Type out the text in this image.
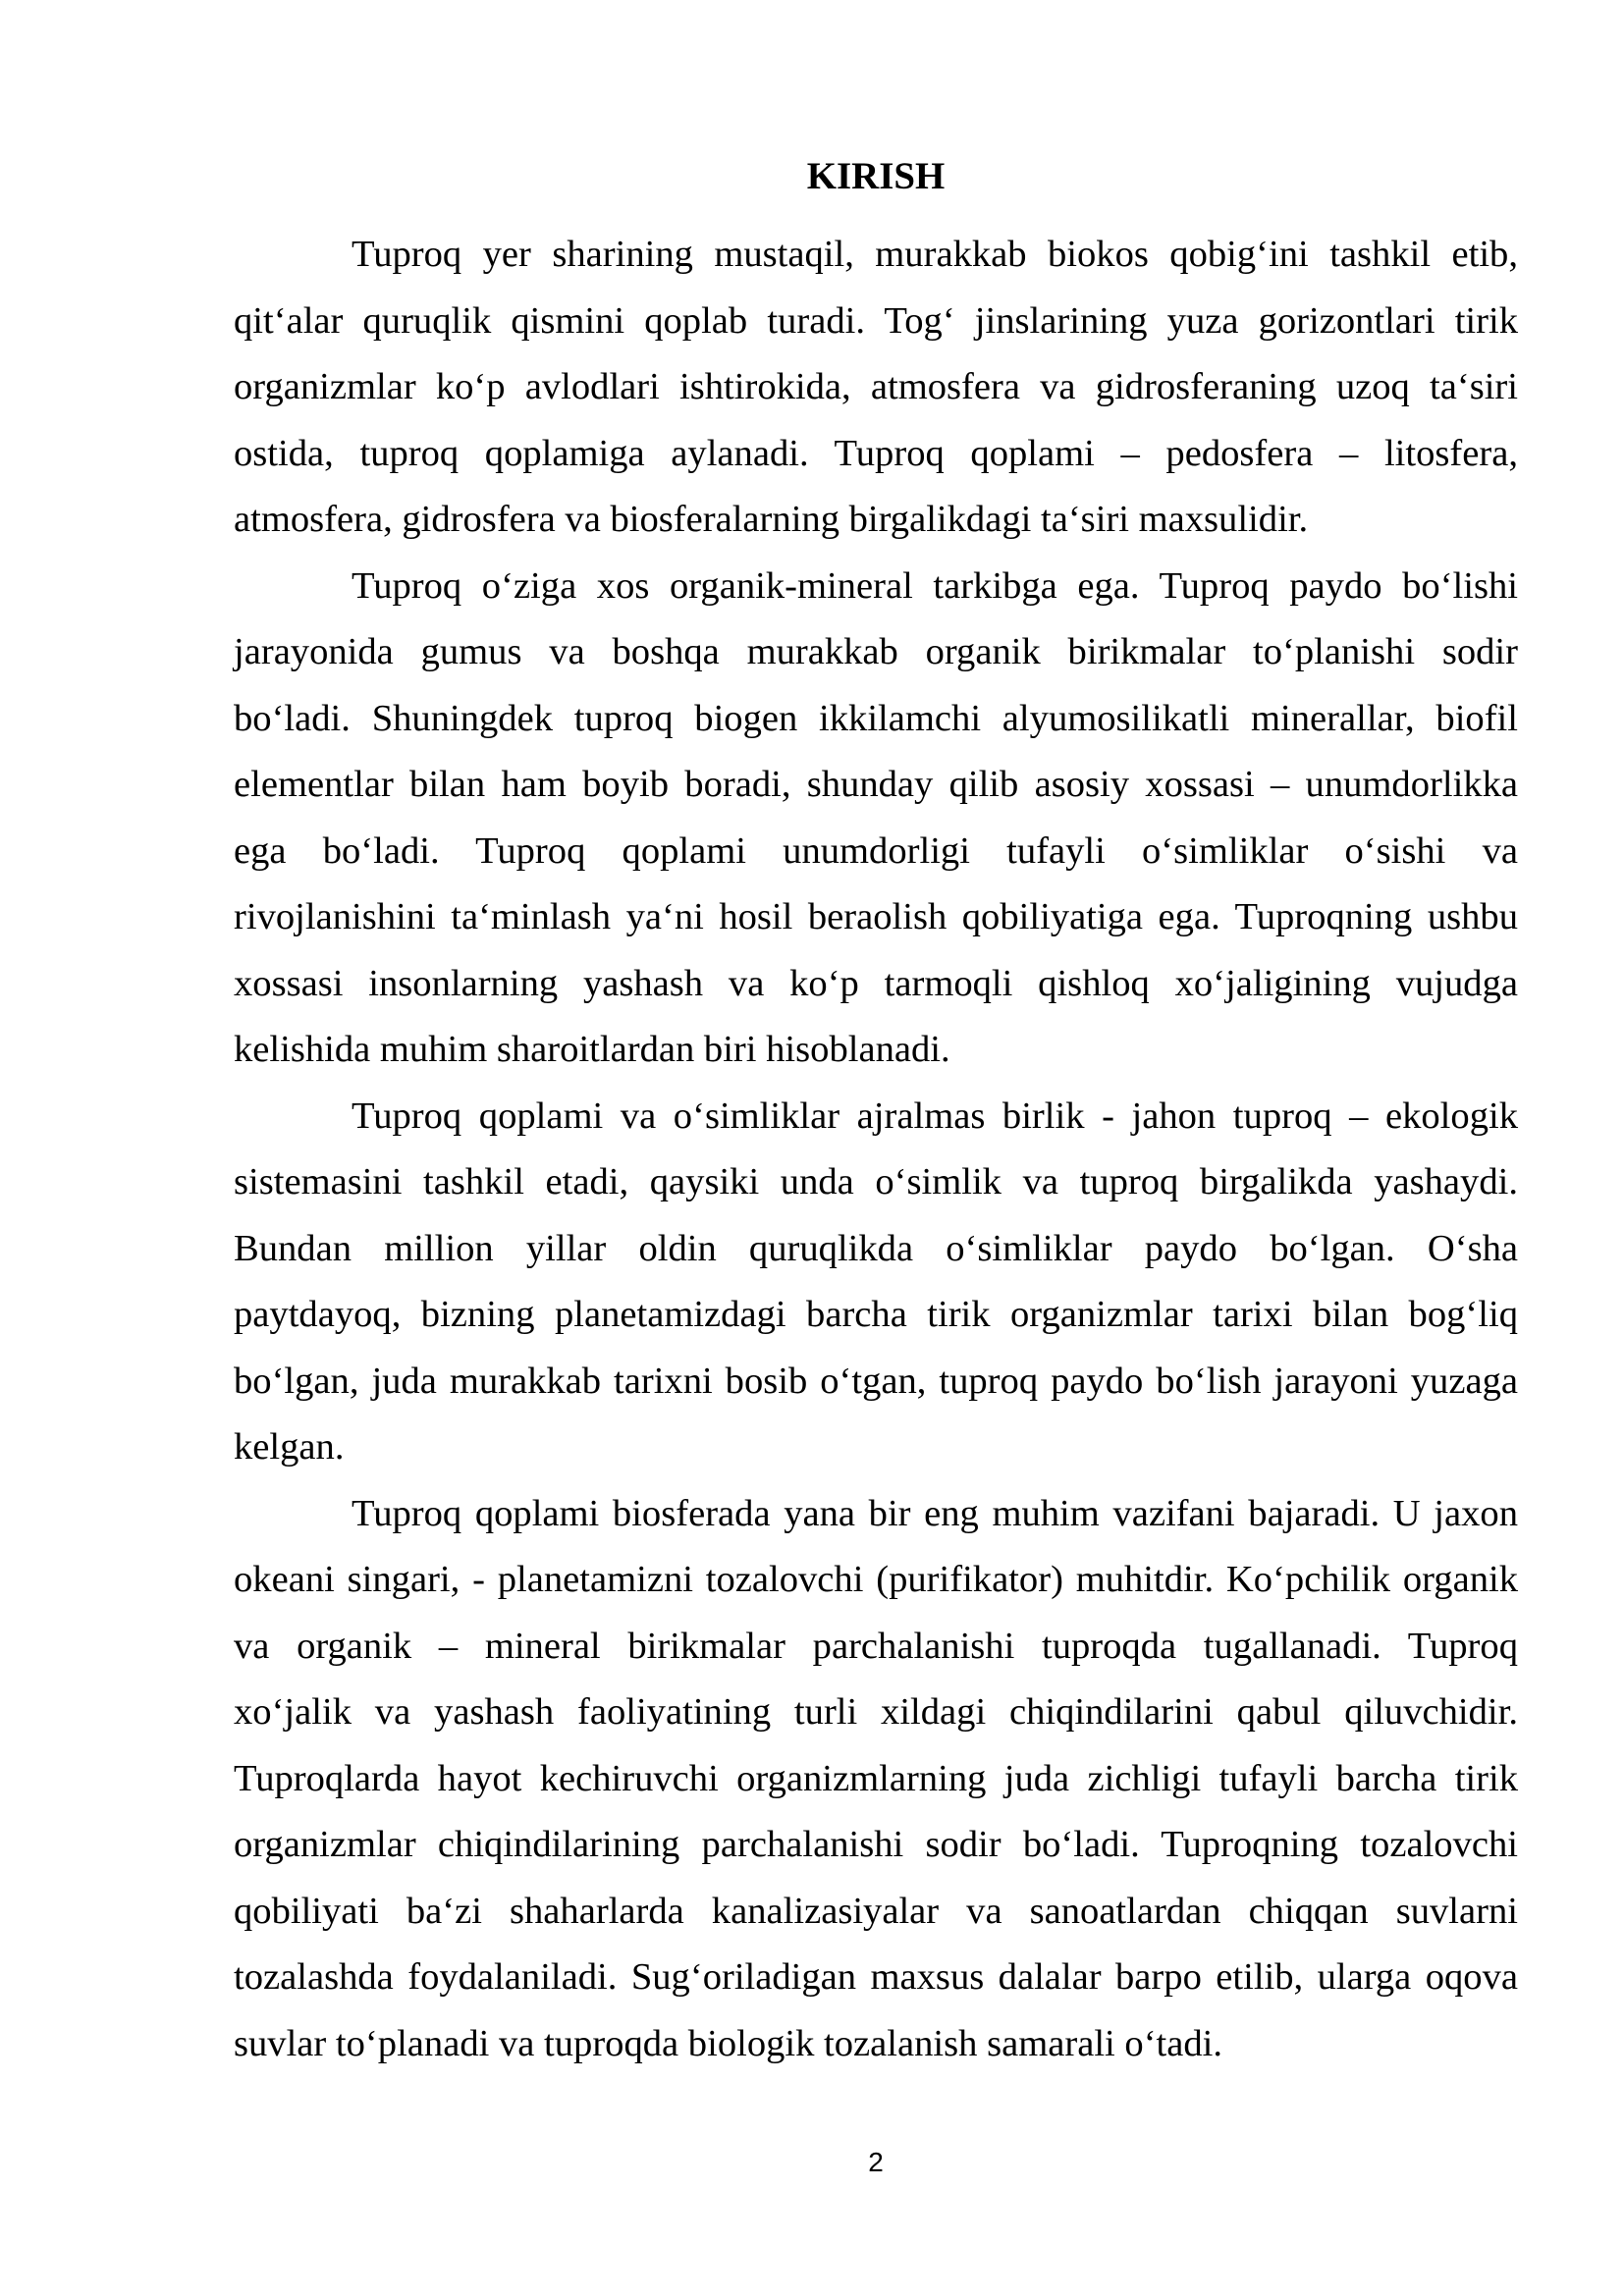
KIRISH
Tuproq yer sharining mustaqil, murakkab biokos qobig‘ini tashkil etib,
qit‘alar quruqlik qismini qoplab turadi. Tog‘ jinslarining yuza gorizontlari tirik
organizmlar ko‘p avlodlari ishtirokida, atmosfera va gidrosferaning uzoq ta‘siri
ostida, tuproq qoplamiga aylanadi. Tuproq qoplami – pedosfera – litosfera,
atmosfera, gidrosfera va biosferalarning birgalikdagi ta‘siri maxsulidir.
Tuproq o‘ziga xos organik-mineral tarkibga ega. Tuproq paydo bo‘lishi
jarayonida gumus va boshqa murakkab organik birikmalar to‘planishi sodir
bo‘ladi. Shuningdek tuproq biogen ikkilamchi alyumosilikatli minerallar, biofil
elementlar bilan ham boyib boradi, shunday qilib asosiy xossasi – unumdorlikka
ega bo‘ladi. Tuproq qoplami unumdorligi tufayli o‘simliklar o‘sishi va
rivojlanishini ta‘minlash ya‘ni hosil beraolish qobiliyatiga ega. Tuproqning ushbu
xossasi insonlarning yashash va ko‘p tarmoqli qishloq xo‘jaligining vujudga
kelishida muhim sharoitlardan biri hisoblanadi.
Tuproq qoplami va o‘simliklar ajralmas birlik - jahon tuproq – ekologik
sistemasini tashkil etadi, qaysiki unda o‘simlik va tuproq birgalikda yashaydi.
Bundan million yillar oldin quruqlikda o‘simliklar paydo bo‘lgan. O‘sha
paytdayoq, bizning planetamizdagi barcha tirik organizmlar tarixi bilan bog‘liq
bo‘lgan, juda murakkab tarixni bosib o‘tgan, tuproq paydo bo‘lish jarayoni yuzaga
kelgan.
Tuproq qoplami biosferada yana bir eng muhim vazifani bajaradi. U jaxon
okeani singari, - planetamizni tozalovchi (purifikator) muhitdir. Ko‘pchilik organik
va organik – mineral birikmalar parchalanishi tuproqda tugallanadi. Tuproq
xo‘jalik va yashash faoliyatining turli xildagi chiqindilarini qabul qiluvchidir.
Tuproqlarda hayot kechiruvchi organizmlarning juda zichligi tufayli barcha tirik
organizmlar chiqindilarining parchalanishi sodir bo‘ladi. Tuproqning tozalovchi
qobiliyati ba‘zi shaharlarda kanalizasiyalar va sanoatlardan chiqqan suvlarni
tozalashda foydalaniladi. Sug‘oriladigan maxsus dalalar barpo etilib, ularga oqova
suvlar to‘planadi va tuproqda biologik tozalanish samarali o‘tadi.
2
